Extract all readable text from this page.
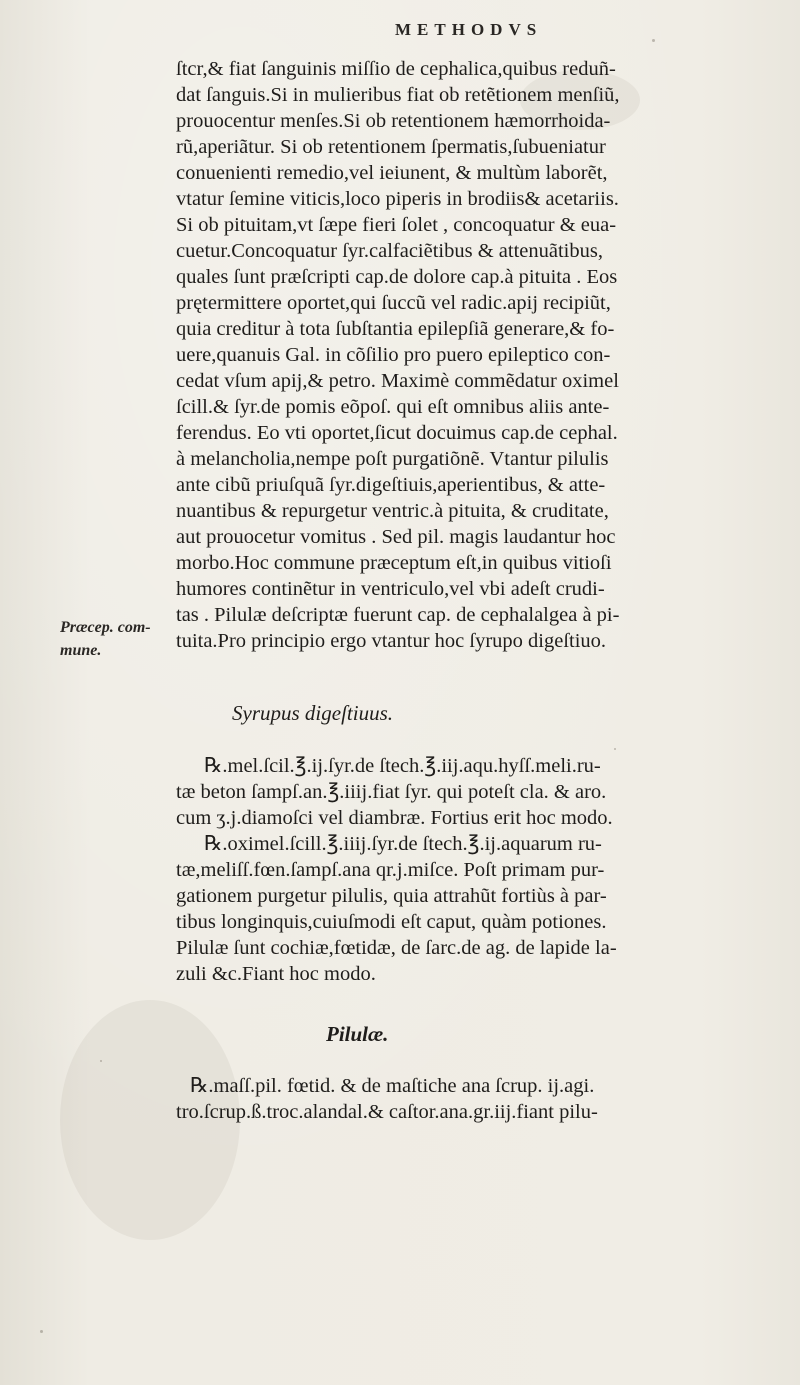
METHODVS
Præcep. com-
mune.
ſtcr,& fiat ſanguinis miſſio de cephalica,quibus reduñ-
dat ſanguis.Si in mulieribus fiat ob retẽtionem menſiũ,
prouocentur menſes.Si ob retentionem hæmorrhoida-
rũ,aperiãtur. Si ob retentionem ſpermatis,ſubueniatur
conuenienti remedio,vel ieiunent, & multùm laborẽt,
vtatur ſemine viticis,loco piperis in brodiis& acetariis.
Si ob pituitam,vt ſæpe fieri ſolet , concoquatur & eua-
cuetur.Concoquatur ſyr.calfaciẽtibus & attenuãtibus,
quales ſunt præſcripti cap.de dolore cap.à pituita . Eos
prętermittere oportet,qui ſuccũ vel radic.apij recipiũt,
quia creditur à tota ſubſtantia epilepſiã generare,& fo-
uere,quanuis Gal. in cõſilio pro puero epileptico con-
cedat vſum apij,& petro. Maximè commẽdatur oximel
ſcill.& ſyr.de pomis eõpoſ. qui eſt omnibus aliis ante-
ferendus. Eo vti oportet,ſicut docuimus cap.de cephal.
à melancholia,nempe poſt purgatiõnẽ. Vtantur pilulis
ante cibũ priuſquã ſyr.digeſtiuis,aperientibus, & atte-
nuantibus & repurgetur ventric.à pituita, & cruditate,
aut prouocetur vomitus . Sed pil. magis laudantur hoc
morbo.Hoc commune præceptum eſt,in quibus vitioſi
humores continẽtur in ventriculo,vel vbi adeſt crudi-
tas . Pilulæ deſcriptæ fuerunt cap. de cephalalgea à pi-
tuita.Pro principio ergo vtantur hoc ſyrupo digeſtiuo.
Syrupus digeſtiuus.
℞.mel.ſcil.℥.ij.ſyr.de ſtech.℥.iij.aqu.hyſſ.meli.ru-
tæ beton ſampſ.an.℥.iiij.fiat ſyr. qui poteſt cla. & aro.
cum ʒ.j.diamoſci vel diambræ. Fortius erit hoc modo.
℞.oximel.ſcill.℥.iiij.ſyr.de ſtech.℥.ij.aquarum ru-
tæ,meliſſ.fœn.ſampſ.ana qr.j.miſce. Poſt primam pur-
gationem purgetur pilulis, quia attrahũt fortiùs à par-
tibus longinquis,cuiuſmodi eſt caput, quàm potiones.
Pilulæ ſunt cochiæ,fœtidæ, de ſarc.de ag. de lapide la-
zuli &c.Fiant hoc modo.
Pilulæ.
℞.maſſ.pil. fœtid. & de maſtiche ana ſcrup. ij.agi.
tro.ſcrup.ß.troc.alandal.& caſtor.ana.gr.iij.fiant pilu-
